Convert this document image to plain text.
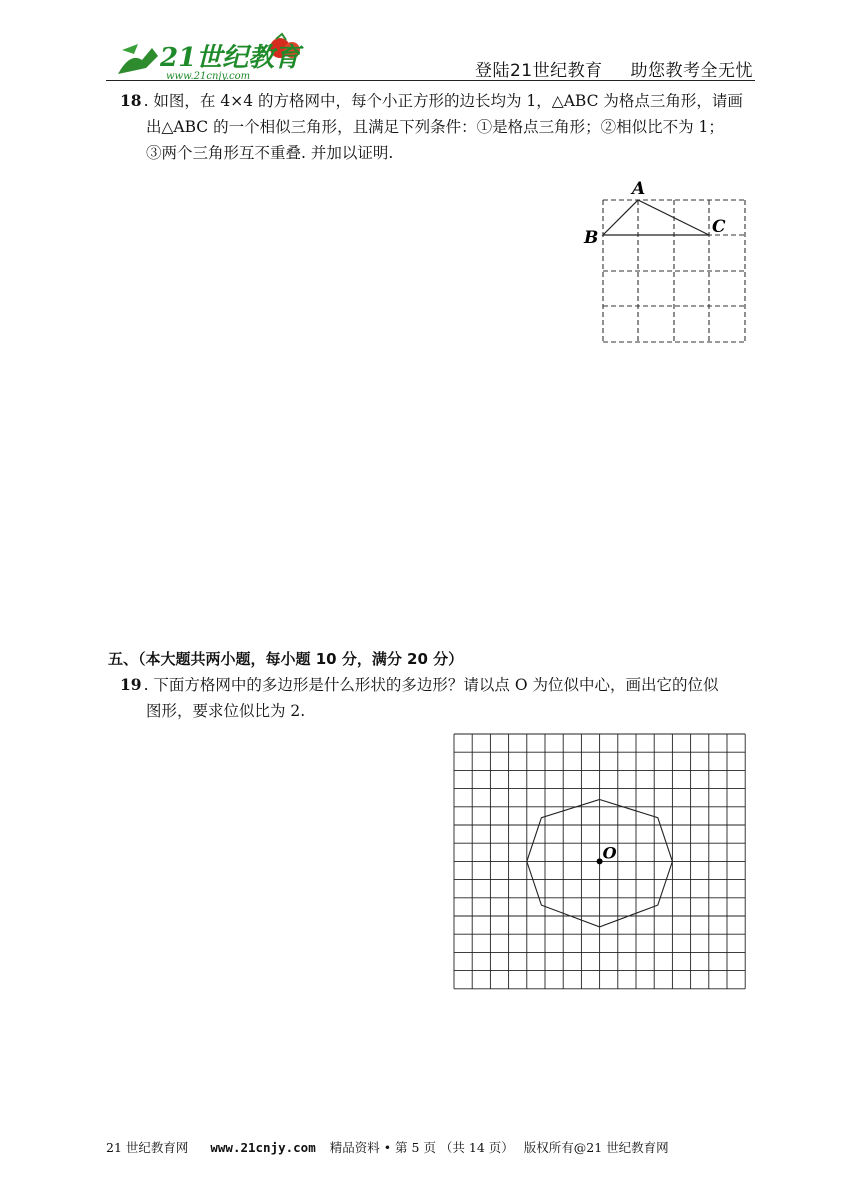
21世纪教育
www.21cnjy.com	登陆21世纪教育 助您教考全无忧
18 . 如图，在 4×4 的方格网中，每个小正方形的边长均为 1，△ABC 为格点三角形，请画
出△ABC 的一个相似三角形，且满足下列条件：①是格点三角形；②相似比不为 1；
③两个三角形互不重叠. 并加以证明.
A
B
C
五、（本大题共两小题，每小题 10 分，满分 20 分）
19 . 下面方格网中的多边形是什么形状的多边形？请以点 O 为位似中心，画出它的位似
图形，要求位似比为 2.
O
21 世纪教育网 www.21cnjy.com 精品资料 • 第 5 页 （共 14 页） 版权所有@21 世纪教育网
